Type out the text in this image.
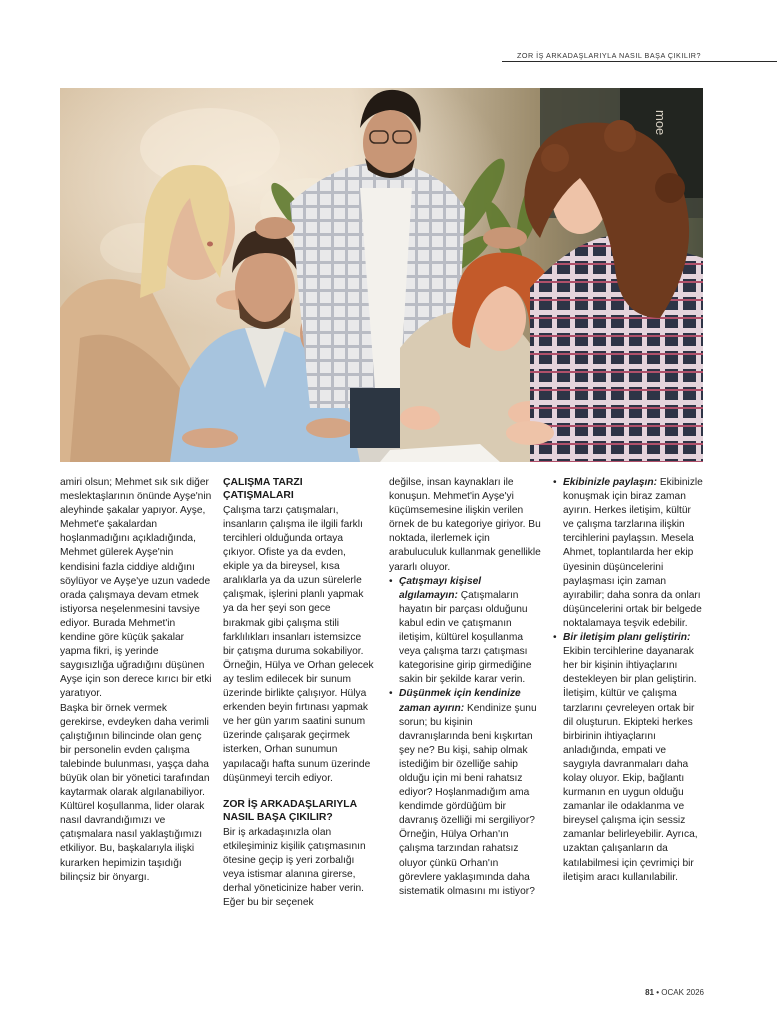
ZOR İŞ ARKADAŞLARIYLA NASIL BAŞA ÇIKILIR?
moe

amiri olsun; Mehmet sık sık diğer meslektaşlarının önünde Ayşe'nin aleyhinde şakalar yapıyor. Ayşe, Mehmet'e şakalardan hoşlanmadığını açıkladığında, Mehmet gülerek Ayşe'nin kendisini fazla ciddiye aldığını söylüyor ve Ayşe'ye uzun vadede orada çalışmaya devam etmek istiyorsa neşelenmesini tavsiye ediyor. Burada Mehmet'in kendine göre küçük şakalar yapma fikri, iş yerinde saygısızlığa uğradığını düşünen Ayşe için son derece kırıcı bir etki yaratıyor.

Başka bir örnek vermek gerekirse, evdeyken daha verimli çalıştığının bilincinde olan genç bir personelin evden çalışma talebinde bulunması, yaşça daha büyük olan bir yönetici tarafından kaytarmak olarak algılanabiliyor.

Kültürel koşullanma, lider olarak nasıl davrandığımızı ve çatışmalara nasıl yaklaştığımızı etkiliyor. Bu, başkalarıyla ilişki kurarken hepimizin taşıdığı bilinçsiz bir önyargı.

ÇALIŞMA TARZI ÇATIŞMALARI

Çalışma tarzı çatışmaları, insanların çalışma ile ilgili farklı tercihleri olduğunda ortaya çıkıyor. Ofiste ya da evden, ekiple ya da bireysel, kısa aralıklarla ya da uzun sürelerle çalışmak, işlerini planlı yapmak ya da her şeyi son gece bırakmak gibi çalışma stili farklılıkları insanları istemsizce bir çatışma duruma sokabiliyor.

Örneğin, Hülya ve Orhan gelecek ay teslim edilecek bir sunum üzerinde birlikte çalışıyor. Hülya erkenden beyin fırtınası yapmak ve her gün yarım saatini sunum üzerinde çalışarak geçirmek isterken, Orhan sunumun yapılacağı hafta sunum üzerinde düşünmeyi tercih ediyor.

ZOR İŞ ARKADAŞLARIYLA NASIL BAŞA ÇIKILIR?

Bir iş arkadaşınızla olan etkileşiminiz kişilik çatışmasının ötesine geçip iş yeri zorbalığı veya istismar alanına girerse, derhal yöneticinize haber verin. Eğer bu bir seçenek

değilse, insan kaynakları ile konuşun. Mehmet'in Ayşe'yi küçümsemesine ilişkin verilen örnek de bu kategoriye giriyor. Bu noktada, ilerlemek için arabuluculuk kullanmak genellikle yararlı oluyor.

• Çatışmayı kişisel algılamayın: Çatışmaların hayatın bir parçası olduğunu kabul edin ve çatışmanın iletişim, kültürel koşullanma veya çalışma tarzı çatışması kategorisine girip girmediğine sakin bir şekilde karar verin.
• Düşünmek için kendinize zaman ayırın: Kendinize şunu sorun; bu kişinin davranışlarında beni kışkırtan şey ne? Bu kişi, sahip olmak istediğim bir özelliğe sahip olduğu için mi beni rahatsız ediyor? Hoşlanmadığım ama kendimde gördüğüm bir davranış özelliği mi sergiliyor? Örneğin, Hülya Orhan'ın çalışma tarzından rahatsız oluyor çünkü Orhan'ın görevlere yaklaşımında daha sistematik olmasını mı istiyor?
• Ekibinizle paylaşın: Ekibinizle konuşmak için biraz zaman ayırın. Herkes iletişim, kültür ve çalışma tarzlarına ilişkin tercihlerini paylaşsın. Mesela Ahmet, toplantılarda her ekip üyesinin düşüncelerini paylaşması için zaman ayırabilir; daha sonra da onları düşüncelerini ortak bir belgede noktalamaya teşvik edebilir.
• Bir iletişim planı geliştirin: Ekibin tercihlerine dayanarak her bir kişinin ihtiyaçlarını destekleyen bir plan geliştirin. İletişim, kültür ve çalışma tarzlarını çevreleyen ortak bir dil oluşturun. Ekipteki herkes birbirinin ihtiyaçlarını anladığında, empati ve saygıyla davranmaları daha kolay oluyor. Ekip, bağlantı kurmanın en uygun olduğu zamanlar ile odaklanma ve bireysel çalışma için sessiz zamanlar belirleyebilir. Ayrıca, uzaktan çalışanların da katılabilmesi için çevrimiçi bir iletişim aracı kullanılabilir.
81 • OCAK 2026
